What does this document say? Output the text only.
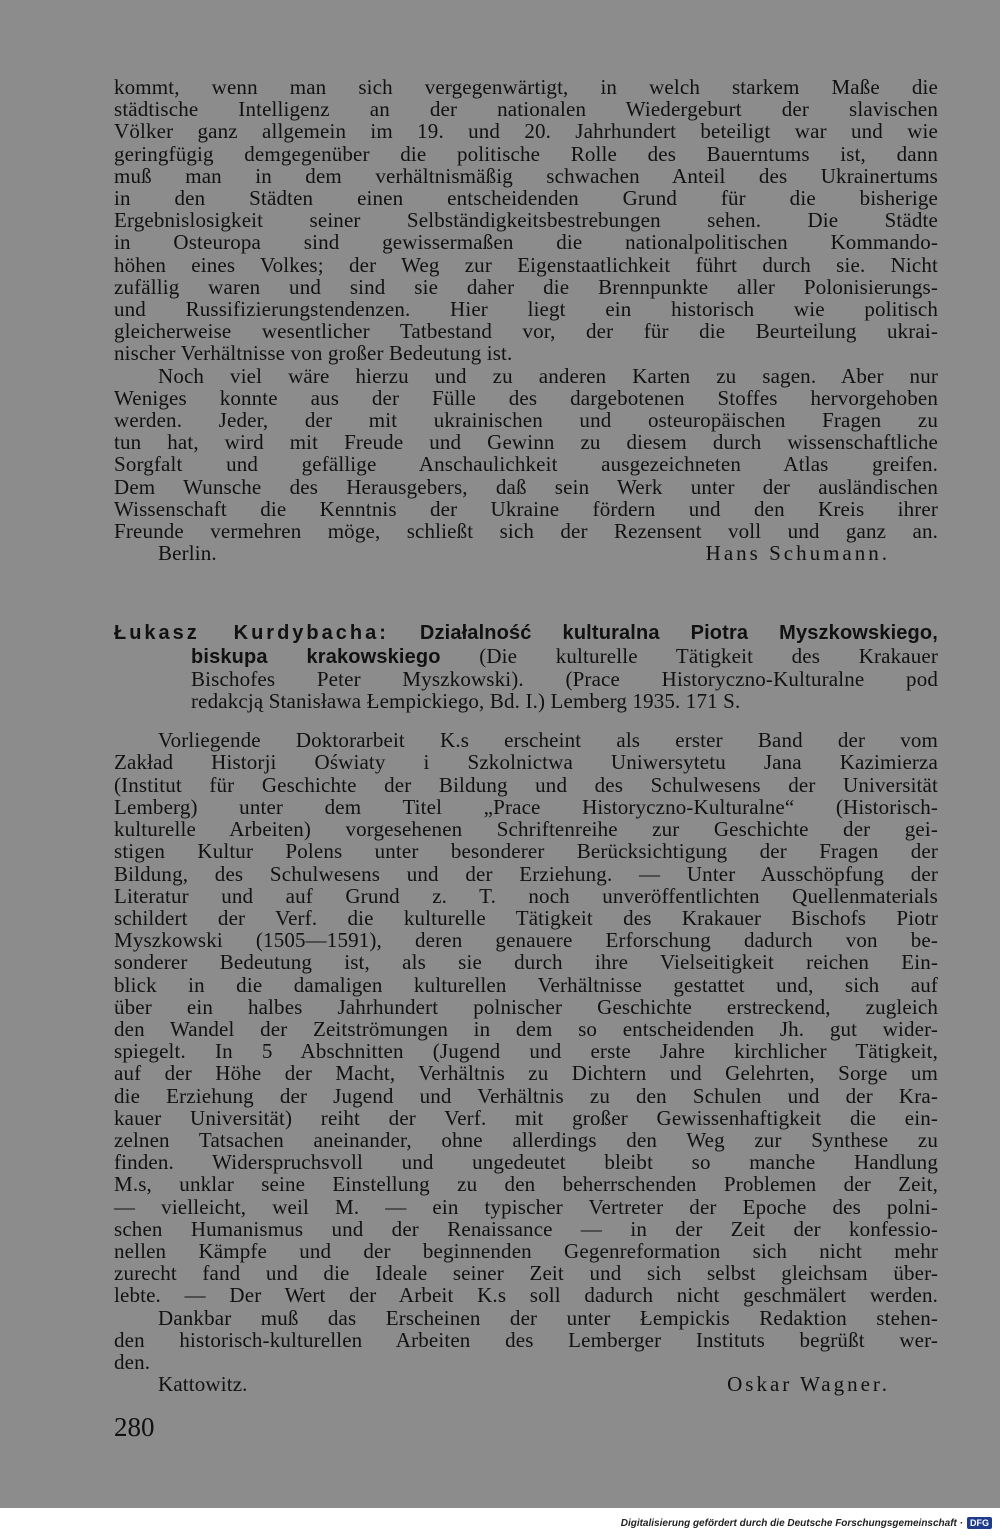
kommt, wenn man sich vergegenwärtigt, in welch starkem Maße die
städtische Intelligenz an der nationalen Wiedergeburt der slavischen
Völker ganz allgemein im 19. und 20. Jahrhundert beteiligt war und wie
geringfügig demgegenüber die politische Rolle des Bauerntums ist, dann
muß man in dem verhältnismäßig schwachen Anteil des Ukrainertums
in den Städten einen entscheidenden Grund für die bisherige
Ergebnislosigkeit seiner Selbständigkeitsbestrebungen sehen. Die Städte
in Osteuropa sind gewissermaßen die nationalpolitischen Kommando-
höhen eines Volkes; der Weg zur Eigenstaatlichkeit führt durch sie. Nicht
zufällig waren und sind sie daher die Brennpunkte aller Polonisierungs-
und Russifizierungstendenzen. Hier liegt ein historisch wie politisch
gleicherweise wesentlicher Tatbestand vor, der für die Beurteilung ukrai-
nischer Verhältnisse von großer Bedeutung ist.
Noch viel wäre hierzu und zu anderen Karten zu sagen. Aber nur
Weniges konnte aus der Fülle des dargebotenen Stoffes hervorgehoben
werden. Jeder, der mit ukrainischen und osteuropäischen Fragen zu
tun hat, wird mit Freude und Gewinn zu diesem durch wissenschaftliche
Sorgfalt und gefällige Anschaulichkeit ausgezeichneten Atlas greifen.
Dem Wunsche des Herausgebers, daß sein Werk unter der ausländischen
Wissenschaft die Kenntnis der Ukraine fördern und den Kreis ihrer
Freunde vermehren möge, schließt sich der Rezensent voll und ganz an.
Berlin.	Hans Schumann.
Łukasz Kurdybacha: Działalność kulturalna Piotra Myszkowskiego,
biskupa krakowskiego (Die kulturelle Tätigkeit des Krakauer
Bischofes Peter Myszkowski). (Prace Historyczno-Kulturalne pod
redakcją Stanisława Łempickiego, Bd. I.) Lemberg 1935. 171 S.
Vorliegende Doktorarbeit K.s erscheint als erster Band der vom
Zakład Historji Oświaty i Szkolnictwa Uniwersytetu Jana Kazimierza
(Institut für Geschichte der Bildung und des Schulwesens der Universität
Lemberg) unter dem Titel „Prace Historyczno-Kulturalne“ (Historisch-
kulturelle Arbeiten) vorgesehenen Schriftenreihe zur Geschichte der gei-
stigen Kultur Polens unter besonderer Berücksichtigung der Fragen der
Bildung, des Schulwesens und der Erziehung. — Unter Ausschöpfung der
Literatur und auf Grund z. T. noch unveröffentlichten Quellenmaterials
schildert der Verf. die kulturelle Tätigkeit des Krakauer Bischofs Piotr
Myszkowski (1505—1591), deren genauere Erforschung dadurch von be-
sonderer Bedeutung ist, als sie durch ihre Vielseitigkeit reichen Ein-
blick in die damaligen kulturellen Verhältnisse gestattet und, sich auf
über ein halbes Jahrhundert polnischer Geschichte erstreckend, zugleich
den Wandel der Zeitströmungen in dem so entscheidenden Jh. gut wider-
spiegelt. In 5 Abschnitten (Jugend und erste Jahre kirchlicher Tätigkeit,
auf der Höhe der Macht, Verhältnis zu Dichtern und Gelehrten, Sorge um
die Erziehung der Jugend und Verhältnis zu den Schulen und der Kra-
kauer Universität) reiht der Verf. mit großer Gewissenhaftigkeit die ein-
zelnen Tatsachen aneinander, ohne allerdings den Weg zur Synthese zu
finden. Widerspruchsvoll und ungedeutet bleibt so manche Handlung
M.s, unklar seine Einstellung zu den beherrschenden Problemen der Zeit,
— vielleicht, weil M. — ein typischer Vertreter der Epoche des polni-
schen Humanismus und der Renaissance — in der Zeit der konfessio-
nellen Kämpfe und der beginnenden Gegenreformation sich nicht mehr
zurecht fand und die Ideale seiner Zeit und sich selbst gleichsam über-
lebte. — Der Wert der Arbeit K.s soll dadurch nicht geschmälert werden.
Dankbar muß das Erscheinen der unter Łempickis Redaktion stehen-
den historisch-kulturellen Arbeiten des Lemberger Instituts begrüßt wer-
den.
Kattowitz.	Oskar Wagner.
280
Digitalisierung gefördert durch die Deutsche Forschungsgemeinschaft · DFG
